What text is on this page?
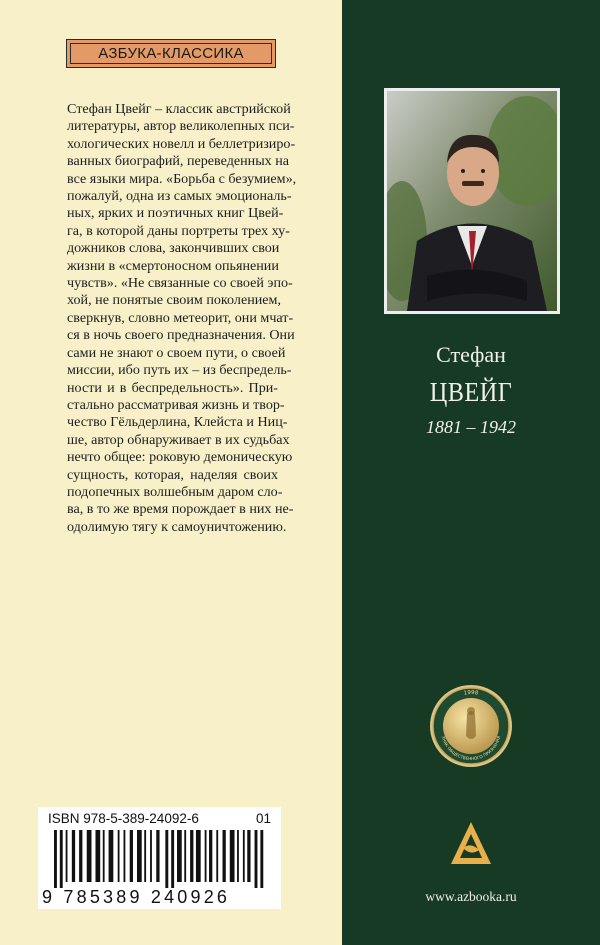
АЗБУКА-КЛАССИКА
Стефан Цвейг – классик австрийской
литературы, автор великолепных пси-
хологических новелл и беллетризиро-
ванных биографий, переведенных на
все языки мира. «Борьба с безумием»,
пожалуй, одна из самых эмоциональ-
ных, ярких и поэтичных книг Цвей-
га, в которой даны портреты трех ху-
дожников слова, закончивших свои
жизни в «смертоносном опьянении
чувств». «Не связанные со своей эпо-
хой, не понятые своим поколением,
сверкнув, словно метеорит, они мчат-
ся в ночь своего предназначения. Они
сами не знают о своем пути, о своей
миссии, ибо путь их – из беспредель-
ности и в беспредельность». При-
стально рассматривая жизнь и твор-
чество Гёльдерлина, Клейста и Ниц-
ше, автор обнаруживает в их судьбах
нечто общее: роковую демоническую
сущность, которая, наделяя своих
подопечных волшебным даром сло-
ва, в то же время порождает в них не-
одолимую тягу к самоуничтожению.
ISBN 978-5-389-24092-6	01
9 785389 240926
Стефан
ЦВЕЙГ
1881 – 1942
1998
ЗНАК ОБЩЕСТВЕННОГО ПРИЗНАНИЯ
www.azbooka.ru
